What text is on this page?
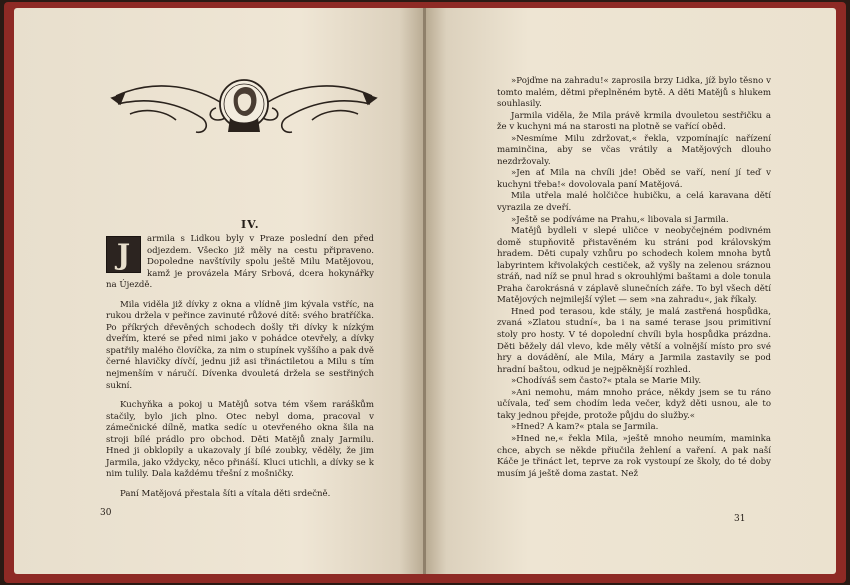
IV.

J	armila s Lidkou byly v Praze poslední den před odjezdem. Všecko již měly na cestu připraveno. Dopoledne navštívily spolu ještě Milu Matějovou, kamž je provázela Máry Srbová, dcera hokynářky na Újezdě.

Mila viděla již dívky z okna a vlídně jim kývala vstříc, na rukou držela v peřince zavinuté růžové dítě: svého bratříčka. Po příkrých dřevěných schodech došly tři dívky k nízkým dveřím, které se před nimi jako v pohádce otevřely, a dívky spatřily malého človíčka, za nim o stupínek vyššího a pak dvě černé hlavičky dívčí, jednu již asi třináctiletou a Milu s tím nejmenším v náručí. Dívenka dvouletá držela se sestřiných sukní.

Kuchyňka a pokoj u Matějů sotva tém všem raráškům stačily, bylo jich plno. Otec nebyl doma, pracoval v zámečnické dílně, matka sedíc u otevřeného okna šila na stroji bílé prádlo pro obchod. Děti Matějů znaly Jarmilu. Hned ji obklopily a ukazovaly jí bílé zoubky, věděly, že jim Jarmila, jako vždycky, něco přináší. Kluci utichli, a dívky se k nim tulily. Dala každému třešní z mošničky.

Paní Matějová přestala šíti a vítala děti srdečně.

30

»Pojďme na zahradu!« zaprosila brzy Lidka, jíž bylo těsno v tomto malém, dětmi přeplněném bytě. A děti Matějů s hlukem souhlasily.

Jarmila viděla, že Mila právě krmila dvouletou sestřičku a že v kuchyni má na starosti na plotně se vařící oběd.

»Nesmíme Milu zdržovat,« řekla, vzpomínajíc nařízení maminčina, aby se včas vrátily a Matějových dlouho nezdržovaly.

»Jen ať Mila na chvíli jde! Oběd se vaří, není jí teď v kuchyni třeba!« dovolovala paní Matějová.

Mila utřela malé holčičce hubičku, a celá karavana dětí vyrazila ze dveří.

»Ještě se podíváme na Prahu,« libovala si Jarmila.

Matějů bydleli v slepé uličce v neobyčejném podivném domě stupňovitě přistavěném ku stráni pod královským hradem. Děti cupaly vzhůru po schodech kolem mnoha bytů labyrintem křivolakých cestiček, až vyšly na zelenou sráznou stráň, nad níž se pnul hrad s okrouhlými baštami a dole tonula Praha čarokrásná v záplavě slunečních záře. To byl všech dětí Matějových nejmilejší výlet — sem »na zahradu«, jak říkaly.

Hned pod terasou, kde stály, je malá zastřená hospůdka, zvaná »Zlatou studní«, ba i na samé terase jsou primitivní stoly pro hosty. V té dopolední chvíli byla hospůdka prázdna. Děti běžely dál vlevo, kde měly větší a volnější místo pro své hry a dovádění, ale Mila, Máry a Jarmila zastavily se pod hradní baštou, odkud je nejpěknější rozhled.

»Chodíváš sem často?« ptala se Marie Mily.

»Ani nemohu, mám mnoho práce, někdy jsem se tu ráno učívala, teď sem chodím leda večer, když děti usnou, ale to taky jednou přejde, protože půjdu do služby.«

»Hned? A kam?« ptala se Jarmila.

»Hned ne,« řekla Mila, »ještě mnoho neumím, maminka chce, abych se někde přiučila žehlení a vaření. A pak naší Káče je třináct let, teprve za rok vystoupí ze školy, do té doby musím já ještě doma zastat. Než

31
